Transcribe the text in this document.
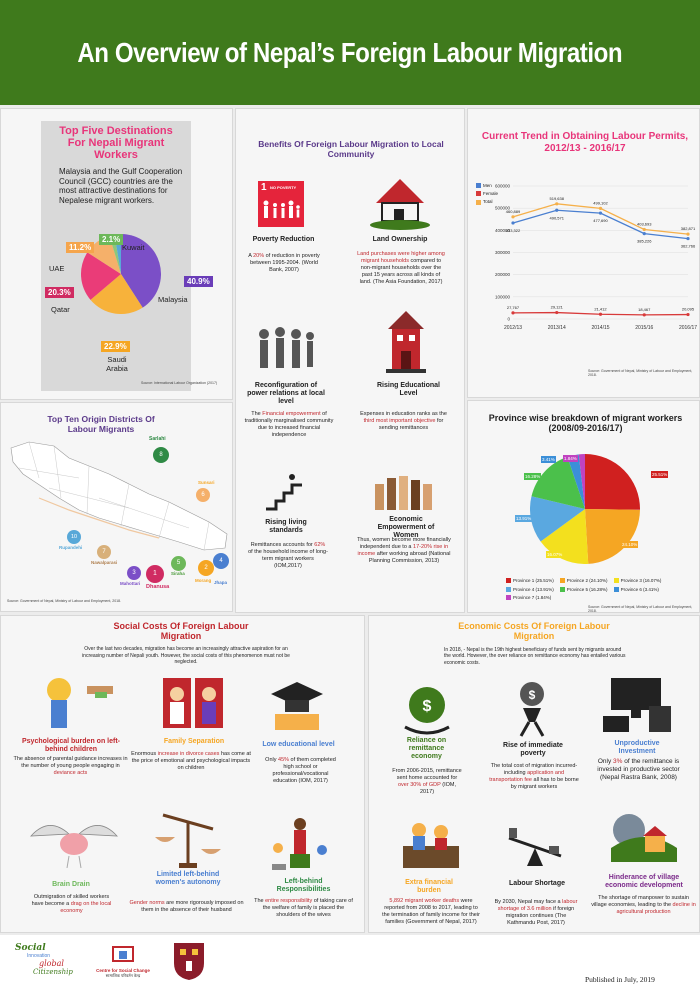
An Overview of Nepal’s Foreign Labour Migration
Top Five Destinations For Nepali Migrant Workers
Malaysia and the Gulf Cooperation Council (GCC) countries are the most attractive destinations for Nepalese migrant workers.
40.9%
Malaysia
22.9%
Saudi Arabia
20.3%
Qatar
11.2%
UAE
2.1%
Kuwait
Source: International Labour Organization (2017)
Benefits Of Foreign Labour Migration to Local Community
1 NO POVERTY
Poverty Reduction
A 20% of reduction in poverty between 1995-2004. (World Bank, 2007)
Land Ownership
Land purchases were higher among migrant households compared to non-migrant households over the past 15 years across all kinds of land. (The Asia Foundation, 2017)
Reconfiguration of power relations at local level
The Financial empowerment of traditionally marginalised community due to increased financial independence
Rising Educational Level
Expenses in education ranks as the third most important objective for sending remittances
Rising living standards
Remittances accounts for 62% of the household income of long-term migrant workers (IOM,2017)
Economic Empowerment of Women
Thus, women become more financially independent due to a 17-20% rise in income after working abroad (National Planning Commission, 2013)
Current Trend in Obtaining Labour Permits, 2012/13 - 2016/17
Men
Female
Total
0
100000
200000
300000
400000
500000
600000
2012/13	2013/14	2014/15	2015/16	2016/17
433,322
490,571
477,690
385,226
362,766
27,767	29,121	21,412	18,467	20,095
460,889
519,638
499,102
403,693
382,871
Source: Government of Nepal, Ministry of Labour and Employment, 2018.
Top Ten Origin Districts Of Labour Migrants
8
Sarlahi
6
Sunsari
10
Rupandehi
7
Nawalparasi
3
Mahottari
1
Dhanusa
5
Siraha
2
Morang
4
Jhapa
Source: Government of Nepal, Ministry of Labour and Employment, 2018.
Province wise breakdown of migrant workers (2008/09-2016/17)
25.51%
24.10%
16.07%
13.91%
16.28%
3.41% 1.84%
Province 1 (25.51%)	Province 2 (24.10%)	Province 3 (16.07%)Province 4 (13.91%)	Province 5 (16.28%)	Province 6 (3.41%)Province 7 (1.84%)
Source: Government of Nepal, Ministry of Labour and Employment, 2018.
Social Costs Of Foreign Labour Migration
Over the last two decades, migration has become an increasingly attractive aspiration for an increasing number of Nepali youth. However, the social costs of this phenomenon must not be neglected.
Psychological burden on left-behind children
The absence of parental guidance increases in the number of young people engaging in deviance acts
Family Separation
Enormous increase in divorce cases has come at the price of emotional and psychological impacts on children
Low educational level
Only 45% of them completed high school or professional/vocational education (IOM, 2017)
Brain Drain
Outmigration of skilled workers have become a drag on the local economy
Limited left-behind women's autonomy
Gender norms are more rigorously imposed on them in the absence of their husband
Left-behind Responsibilities
The entire responsibility of taking care of the welfare of family is placed the shoulders of the wives
Economic Costs Of Foreign Labour Migration
In 2018, - Nepal is the 19th highest beneficiary of funds sent by migrants around the world. However, the over reliance on remittance economy has entailed various economic costs.
$
Reliance on remittance economy
From 2006-2015, remittance sent home accounted for over 30% of GDP (IOM, 2017)
$
Rise of immediate poverty
The total cost of migration incurred- including application and transportation fee all has to be borne by migrant workers
Unproductive Investment
Only 3% of the remittance is invested in productive sector (Nepal Rastra Bank, 2008)
Extra financial burden
5,892 migrant worker deaths were reported from 2008 to 2017, leading to the termination of family income for their families (Government of Nepal, 2017)
Labour Shortage
By 2030, Nepal may face a labour shortage of 3.6 million if foreign migration continues (The Kathmandu Post, 2017)
Hinderance of village economic development
The shortage of manpower to sustain village economies, leading to the decline in agricultural production
Social
Innovation
global
Citizenship	Centre for Social Change
सामाजिक परिवर्तन केन्द्र	Published in July, 2019
